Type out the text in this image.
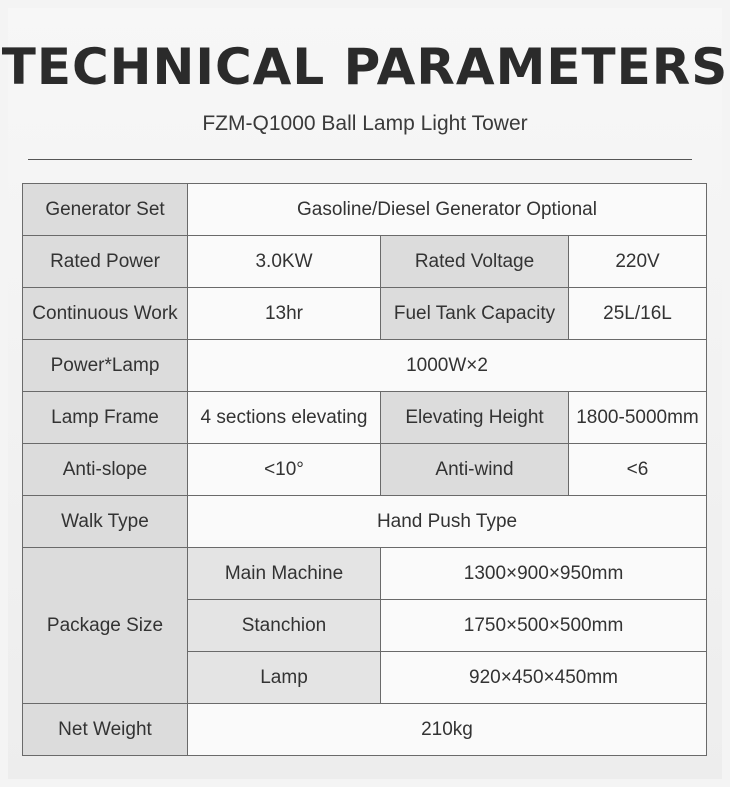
TECHNICAL PARAMETERS
FZM-Q1000 Ball Lamp Light Tower
Generator Set	Gasoline/Diesel Generator Optional		
Rated Power	3.0KW	Rated Voltage	220V
Continuous Work	13hr	Fuel Tank Capacity	25L/16L
Power*Lamp	1000W×2		
Lamp Frame	4 sections elevating	Elevating Height	1800-5000mm
Anti-slope	<10°	Anti-wind	<6
Walk Type	Hand Push Type		
Package Size	Main Machine	1300×900×950mm	
	Stanchion	1750×500×500mm	
	Lamp	920×450×450mm	
Net Weight	210kg		
